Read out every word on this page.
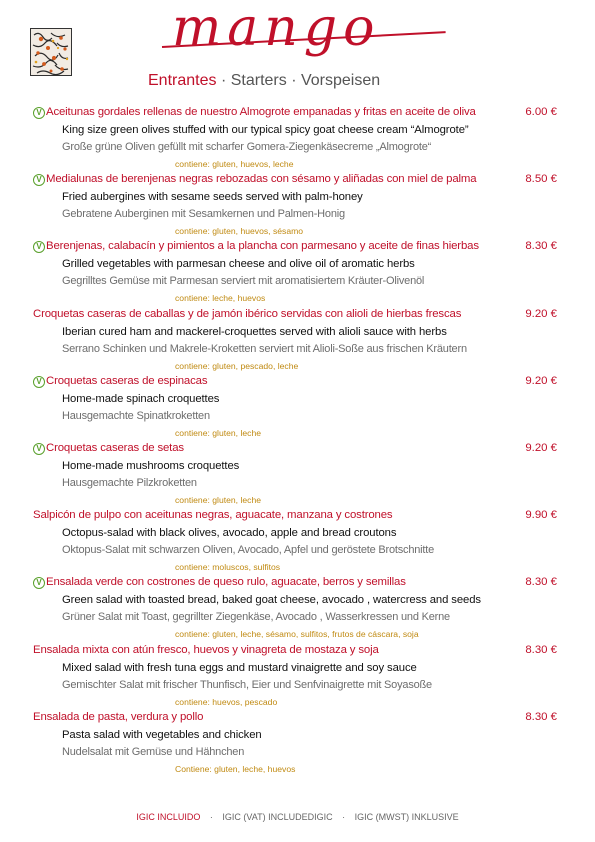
mango
Entrantes · Starters · Vorspeisen
V Aceitunas gordales rellenas de nuestro Almogrote empanadas y fritas en aceite de oliva	6.00 €
King size green olives stuffed with our typical spicy goat cheese cream “Almogrote”
Große grüne Oliven gefüllt mit scharfer Gomera-Ziegenkäsecreme „Almogrote“
contiene: gluten, huevos, leche
V Medialunas de berenjenas negras rebozadas con sésamo y aliñadas con miel de palma	8.50 €
Fried aubergines with sesame seeds served with palm-honey
Gebratene Auberginen mit Sesamkernen und Palmen-Honig
contiene: gluten, huevos, sésamo
V Berenjenas, calabacín y pimientos a la plancha con parmesano y aceite de finas hierbas	8.30 €
Grilled vegetables with parmesan cheese and olive oil of aromatic herbs
Gegrilltes Gemüse mit Parmesan serviert mit aromatisiertem Kräuter-Olivenöl
contiene: leche, huevos
Croquetas caseras de caballas y de jamón ibérico servidas con alioli de hierbas frescas	9.20 €
Iberian cured ham and mackerel-croquettes served with alioli sauce with herbs
Serrano Schinken und Makrele-Kroketten serviert mit Alioli-Soße aus frischen Kräutern
contiene: gluten, pescado, leche
V Croquetas caseras de espinacas	9.20 €
Home-made spinach croquettes
Hausgemachte Spinatkroketten
contiene: gluten, leche
V Croquetas caseras de setas	9.20 €
Home-made mushrooms croquettes
Hausgemachte Pilzkroketten
contiene: gluten, leche
Salpicón de pulpo con aceitunas negras, aguacate, manzana y costrones	9.90 €
Octopus-salad with black olives, avocado, apple and bread croutons
Oktopus-Salat mit schwarzen Oliven, Avocado, Apfel und geröstete Brotschnitte
contiene: moluscos, sulfitos
V Ensalada verde con costrones de queso rulo, aguacate, berros y semillas	8.30 €
Green salad with toasted bread, baked goat cheese, avocado , watercress and seeds
Grüner Salat mit Toast, gegrillter Ziegenkäse, Avocado , Wasserkressen und Kerne
contiene: gluten, leche, sésamo, sulfitos, frutos de cáscara, soja
Ensalada mixta con atún fresco, huevos y vinagreta de mostaza y soja	8.30 €
Mixed salad with fresh tuna eggs and mustard vinaigrette and soy sauce
Gemischter Salat mit frischer Thunfisch, Eier und Senfvinaigrette mit Soyasoße
contiene: huevos, pescado
Ensalada de pasta, verdura y pollo	8.30 €
Pasta salad with vegetables and chicken
Nudelsalat mit Gemüse und Hähnchen
Contiene: gluten, leche, huevos
IGIC INCLUIDO · IGIC (VAT) INCLUDEDIGIC · IGIC (MWST) INKLUSIVE
